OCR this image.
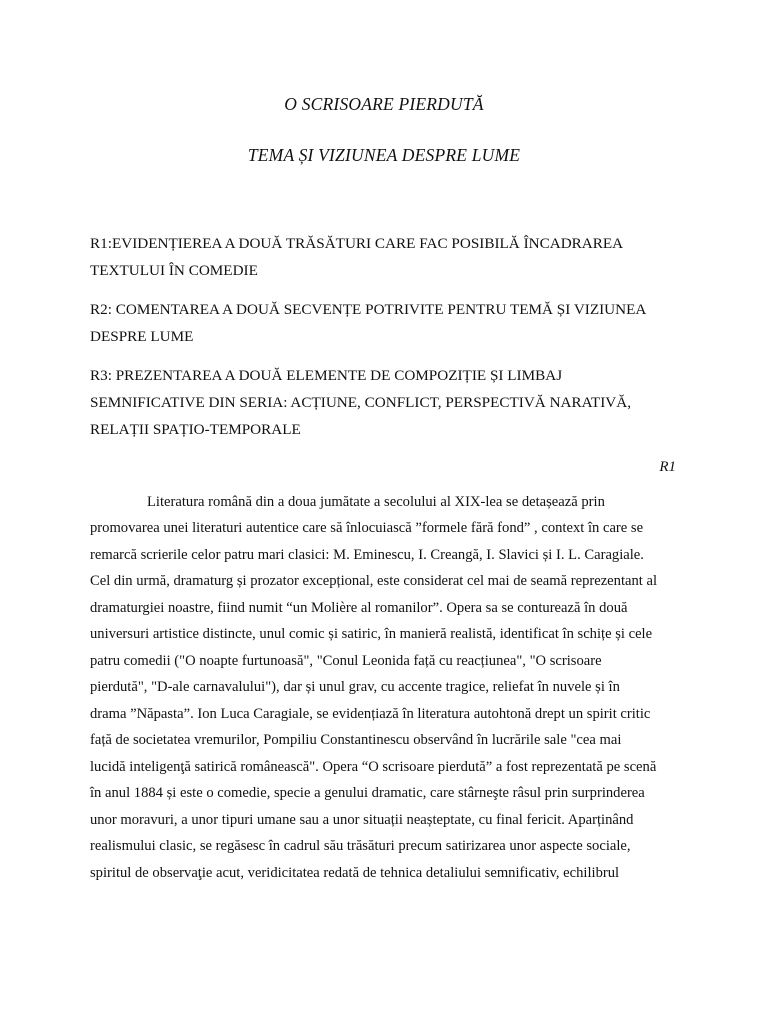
O SCRISOARE PIERDUTĂ
TEMA ȘI VIZIUNEA DESPRE LUME
R1:EVIDENȚIEREA A DOUĂ TRĂSĂTURI CARE FAC POSIBILĂ ÎNCADRAREA
TEXTULUI ÎN COMEDIE
R2: COMENTAREA A DOUĂ SECVENȚE POTRIVITE PENTRU TEMĂ ȘI VIZIUNEA
DESPRE LUME
R3: PREZENTAREA A DOUĂ ELEMENTE DE COMPOZIȚIE ȘI LIMBAJ
SEMNIFICATIVE DIN SERIA: ACȚIUNE, CONFLICT, PERSPECTIVĂ NARATIVĂ,
RELAȚII SPAȚIO-TEMPORALE
R1
Literatura română din a doua jumătate a secolului al XIX-lea se detașează prin
promovarea unei literaturi autentice care să înlocuiască ”formele fără fond” , context în care se
remarcă scrierile celor patru mari clasici: M. Eminescu, I. Creangă, I. Slavici și I. L. Caragiale.
Cel din urmă, dramaturg și prozator excepțional, este considerat cel mai de seamă reprezentant al
dramaturgiei noastre, fiind numit “un Molière al romanilor”. Opera sa se conturează în două
universuri artistice distincte, unul comic și satiric, în manieră realistă, identificat în schițe și cele
patru comedii ("O noapte furtunoasă", "Conul Leonida față cu reacțiunea", "O scrisoare
pierdută", "D-ale carnavalului"), dar și unul grav, cu accente tragice, reliefat în nuvele și în
drama ”Năpasta”. Ion Luca Caragiale, se evidențiază în literatura autohtonă drept un spirit critic
față de societatea vremurilor, Pompiliu Constantinescu observând în lucrările sale "cea mai
lucidă inteligenţă satirică românească". Opera “O scrisoare pierdută” a fost reprezentată pe scenă
în anul 1884 și este o comedie, specie a genului dramatic, care stârneşte râsul prin surprinderea
unor moravuri, a unor tipuri umane sau a unor situații neașteptate, cu final fericit. Aparținând
realismului clasic, se regăsesc în cadrul său trăsături precum satirizarea unor aspecte sociale,
spiritul de observaţie acut, veridicitatea redată de tehnica detaliului semnificativ, echilibrul
